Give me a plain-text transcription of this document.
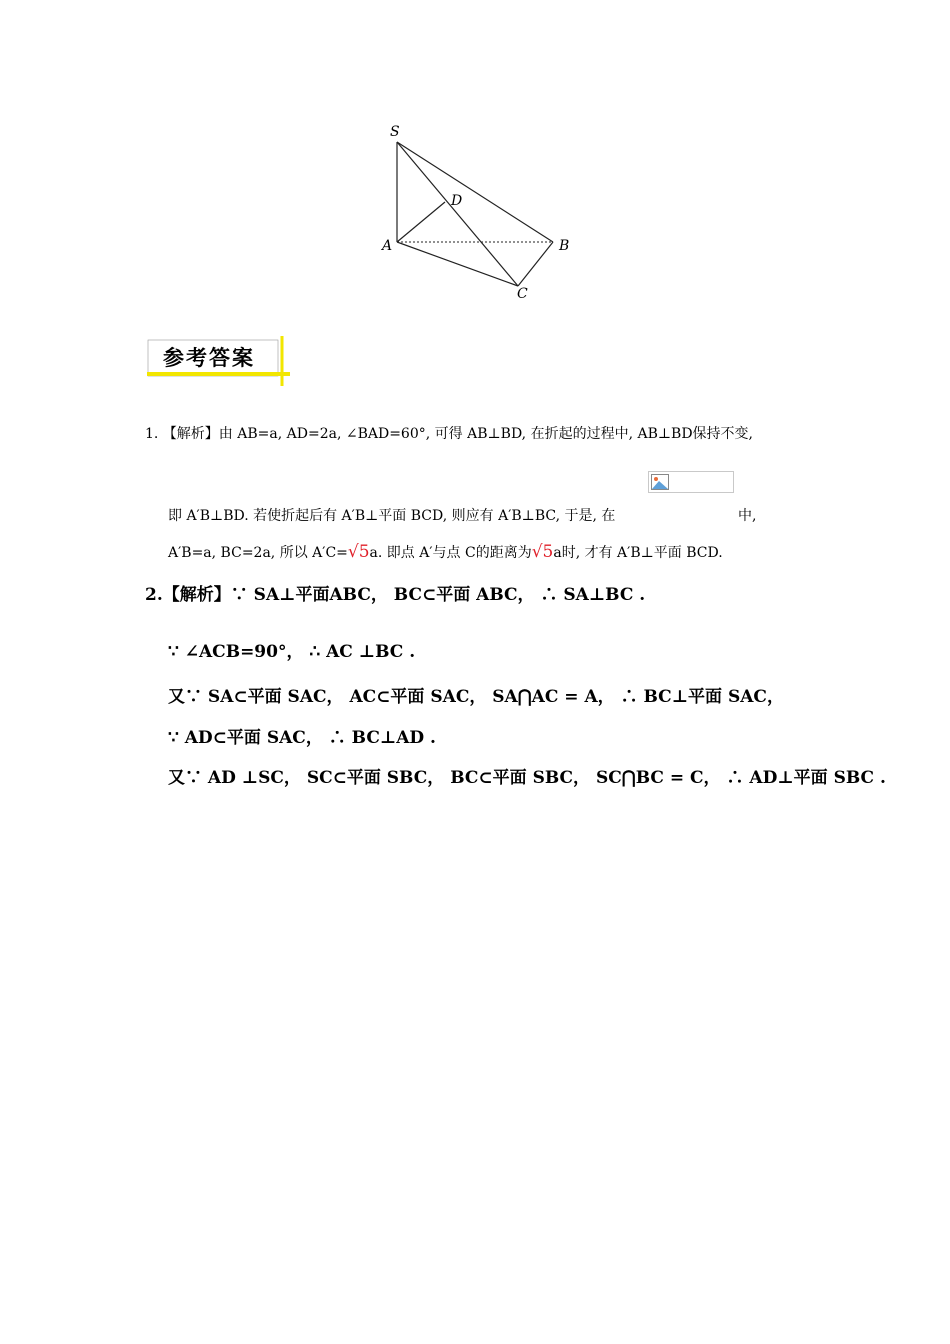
S
D
A	B
C
参考答案
1. 【解析】由 AB=a, AD=2a, ∠BAD=60°, 可得 AB⊥BD, 在折起的过程中, AB⊥BD保持不变,
即 A′B⊥BD. 若使折起后有 A′B⊥平面 BCD, 则应有 A′B⊥BC, 于是, 在	中,
A′B=a, BC=2a, 所以 A′C=√5a. 即点 A′与点 C的距离为√5a时, 才有 A′B⊥平面 BCD.
2.【解析】∵ SA⊥平面ABC， BC⊂平面 ABC， ∴ SA⊥BC .
∵ ∠ACB=90°， ∴ AC ⊥BC .
又∵ SA⊂平面 SAC， AC⊂平面 SAC， SA⋂AC = A， ∴ BC⊥平面 SAC，
∵ AD⊂平面 SAC， ∴ BC⊥AD .
又∵ AD ⊥SC， SC⊂平面 SBC， BC⊂平面 SBC， SC⋂BC = C， ∴ AD⊥平面 SBC .
